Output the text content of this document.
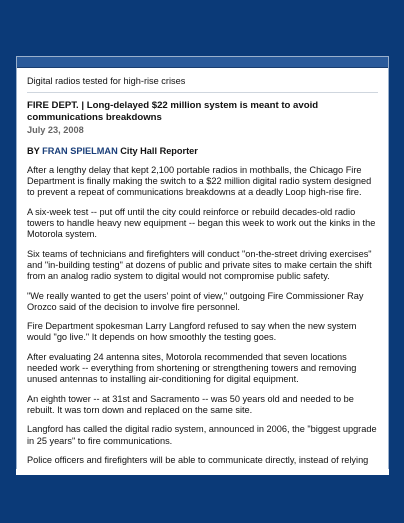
Digital radios tested for high-rise crises
FIRE DEPT. | Long-delayed $22 million system is meant to avoid communications breakdowns
July 23, 2008
BY FRAN SPIELMAN City Hall Reporter

After a lengthy delay that kept 2,100 portable radios in mothballs, the Chicago Fire Department is finally making the switch to a $22 million digital radio system designed to prevent a repeat of communications breakdowns at a deadly Loop high-rise fire.

A six-week test -- put off until the city could reinforce or rebuild decades-old radio towers to handle heavy new equipment -- began this week to work out the kinks in the Motorola system.

Six teams of technicians and firefighters will conduct "on-the-street driving exercises" and "in-building testing" at dozens of public and private sites to make certain the shift from an analog radio system to digital would not compromise public safety.

"We really wanted to get the users' point of view," outgoing Fire Commissioner Ray Orozco said of the decision to involve fire personnel.

Fire Department spokesman Larry Langford refused to say when the new system would "go live." It depends on how smoothly the testing goes.

After evaluating 24 antenna sites, Motorola recommended that seven locations needed work -- everything from shortening or strengthening towers and removing unused antennas to installing air-conditioning for digital equipment.

An eighth tower -- at 31st and Sacramento -- was 50 years old and needed to be rebuilt. It was torn down and replaced on the same site.

Langford has called the digital radio system, announced in 2006, the "biggest upgrade in 25 years" to fire communications.

Police officers and firefighters will be able to communicate directly, instead of relying
